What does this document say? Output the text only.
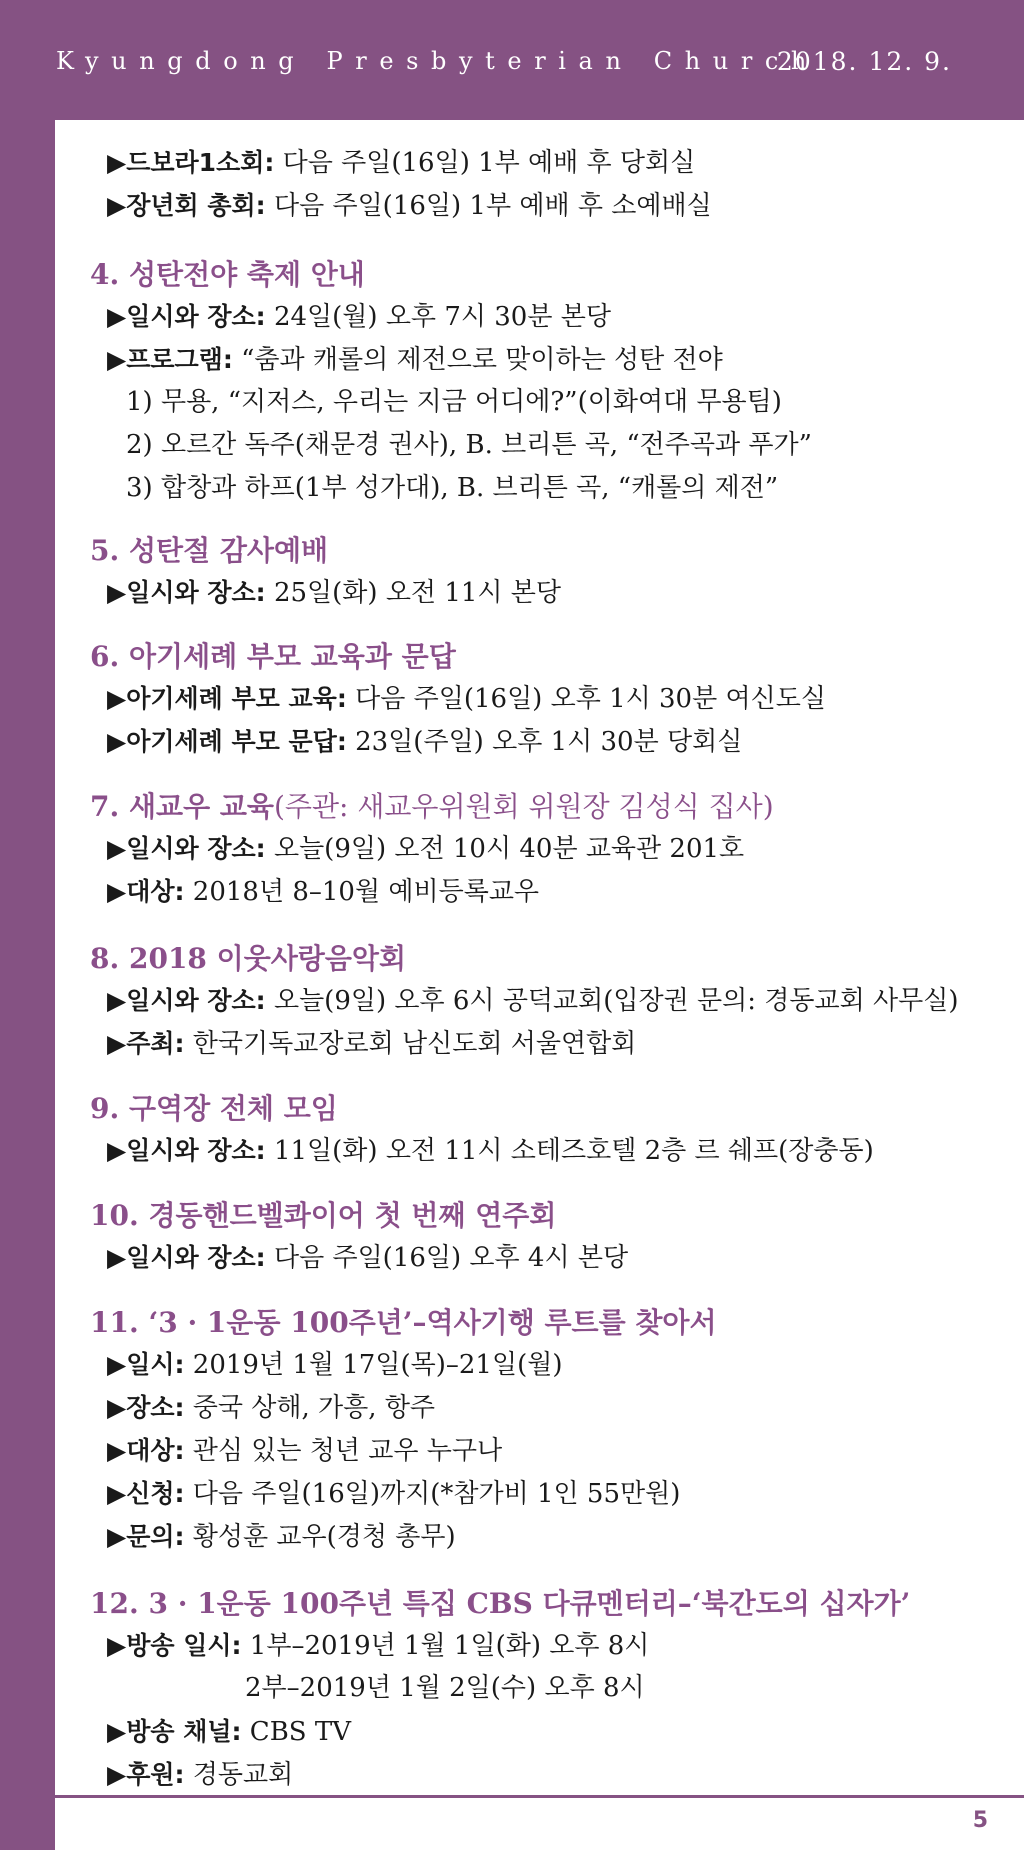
Kyungdong Presbyterian Church
2018. 12. 9.
▶드보라1소회: 다음 주일(16일) 1부 예배 후 당회실
▶장년회 총회: 다음 주일(16일) 1부 예배 후 소예배실
4. 성탄전야 축제 안내
▶일시와 장소: 24일(월) 오후 7시 30분 본당
▶프로그램: “춤과 캐롤의 제전으로 맞이하는 성탄 전야
1) 무용, “지저스, 우리는 지금 어디에?”(이화여대 무용팀)
2) 오르간 독주(채문경 권사), B. 브리튼 곡, “전주곡과 푸가”
3) 합창과 하프(1부 성가대), B. 브리튼 곡, “캐롤의 제전”
5. 성탄절 감사예배
▶일시와 장소: 25일(화) 오전 11시 본당
6. 아기세례 부모 교육과 문답
▶아기세례 부모 교육: 다음 주일(16일) 오후 1시 30분 여신도실
▶아기세례 부모 문답: 23일(주일) 오후 1시 30분 당회실
7. 새교우 교육(주관: 새교우위원회 위원장 김성식 집사)
▶일시와 장소: 오늘(9일) 오전 10시 40분 교육관 201호
▶대상: 2018년 8–10월 예비등록교우
8. 2018 이웃사랑음악회
▶일시와 장소: 오늘(9일) 오후 6시 공덕교회(입장권 문의: 경동교회 사무실)
▶주최: 한국기독교장로회 남신도회 서울연합회
9. 구역장 전체 모임
▶일시와 장소: 11일(화) 오전 11시 소테즈호텔 2층 르 쉐프(장충동)
10. 경동핸드벨콰이어 첫 번째 연주회
▶일시와 장소: 다음 주일(16일) 오후 4시 본당
11. ‘3 · 1운동 100주년’–역사기행 루트를 찾아서
▶일시: 2019년 1월 17일(목)–21일(월)
▶장소: 중국 상해, 가흥, 항주
▶대상: 관심 있는 청년 교우 누구나
▶신청: 다음 주일(16일)까지(*참가비 1인 55만원)
▶문의: 황성훈 교우(경청 총무)
12. 3 · 1운동 100주년 특집 CBS 다큐멘터리–‘북간도의 십자가’
▶방송 일시: 1부–2019년 1월 1일(화) 오후 8시
2부–2019년 1월 2일(수) 오후 8시
▶방송 채널: CBS TV
▶후원: 경동교회
5
